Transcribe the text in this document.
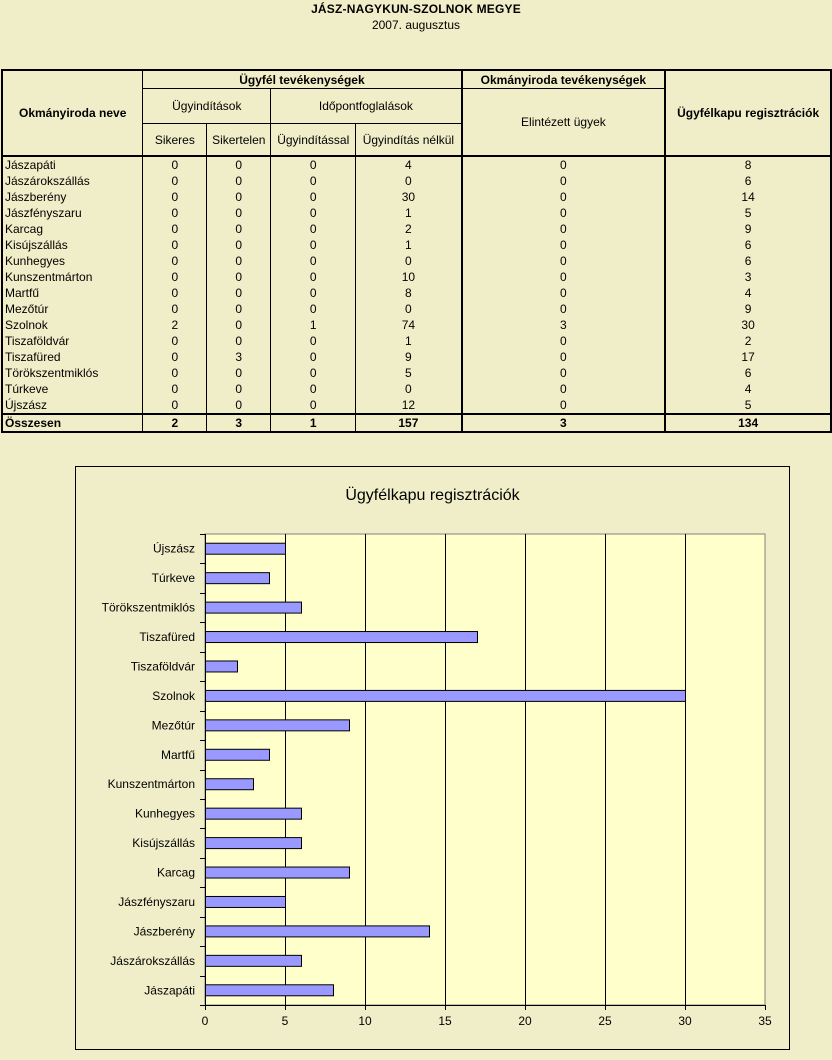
JÁSZ-NAGYKUN-SZOLNOK MEGYE
2007. augusztus
Okmányiroda neve	Ügyfél tevékenységek				Okmányiroda tevékenységek	Ügyfélkapu regisztrációk
	Ügyindítások		Időpontfoglalások		Elintézett ügyek	
	Sikeres	Sikertelen	Ügyindítással	Ügyindítás nélkül		
Jászapáti	0	0	0	4	0	8
Jászárokszállás	0	0	0	0	0	6
Jászberény	0	0	0	30	0	14
Jászfényszaru	0	0	0	1	0	5
Karcag	0	0	0	2	0	9
Kisújszállás	0	0	0	1	0	6
Kunhegyes	0	0	0	0	0	6
Kunszentmárton	0	0	0	10	0	3
Martfű	0	0	0	8	0	4
Mezőtúr	0	0	0	0	0	9
Szolnok	2	0	1	74	3	30
Tiszaföldvár	0	0	0	1	0	2
Tiszafüred	0	3	0	9	0	17
Törökszentmiklós	0	0	0	5	0	6
Túrkeve	0	0	0	0	0	4
Újszász	0	0	0	12	0	5
Összesen	2	3	1	157	3	134
Ügyfélkapu regisztrációk
0	5	10	15	20	25	30	35
Jászapáti
Jászárokszállás
Jászberény
Jászfényszaru
Karcag
Kisújszállás
Kunhegyes
Kunszentmárton
Martfű
Mezőtúr
Szolnok
Tiszaföldvár
Tiszafüred
Törökszentmiklós
Túrkeve
Újszász
